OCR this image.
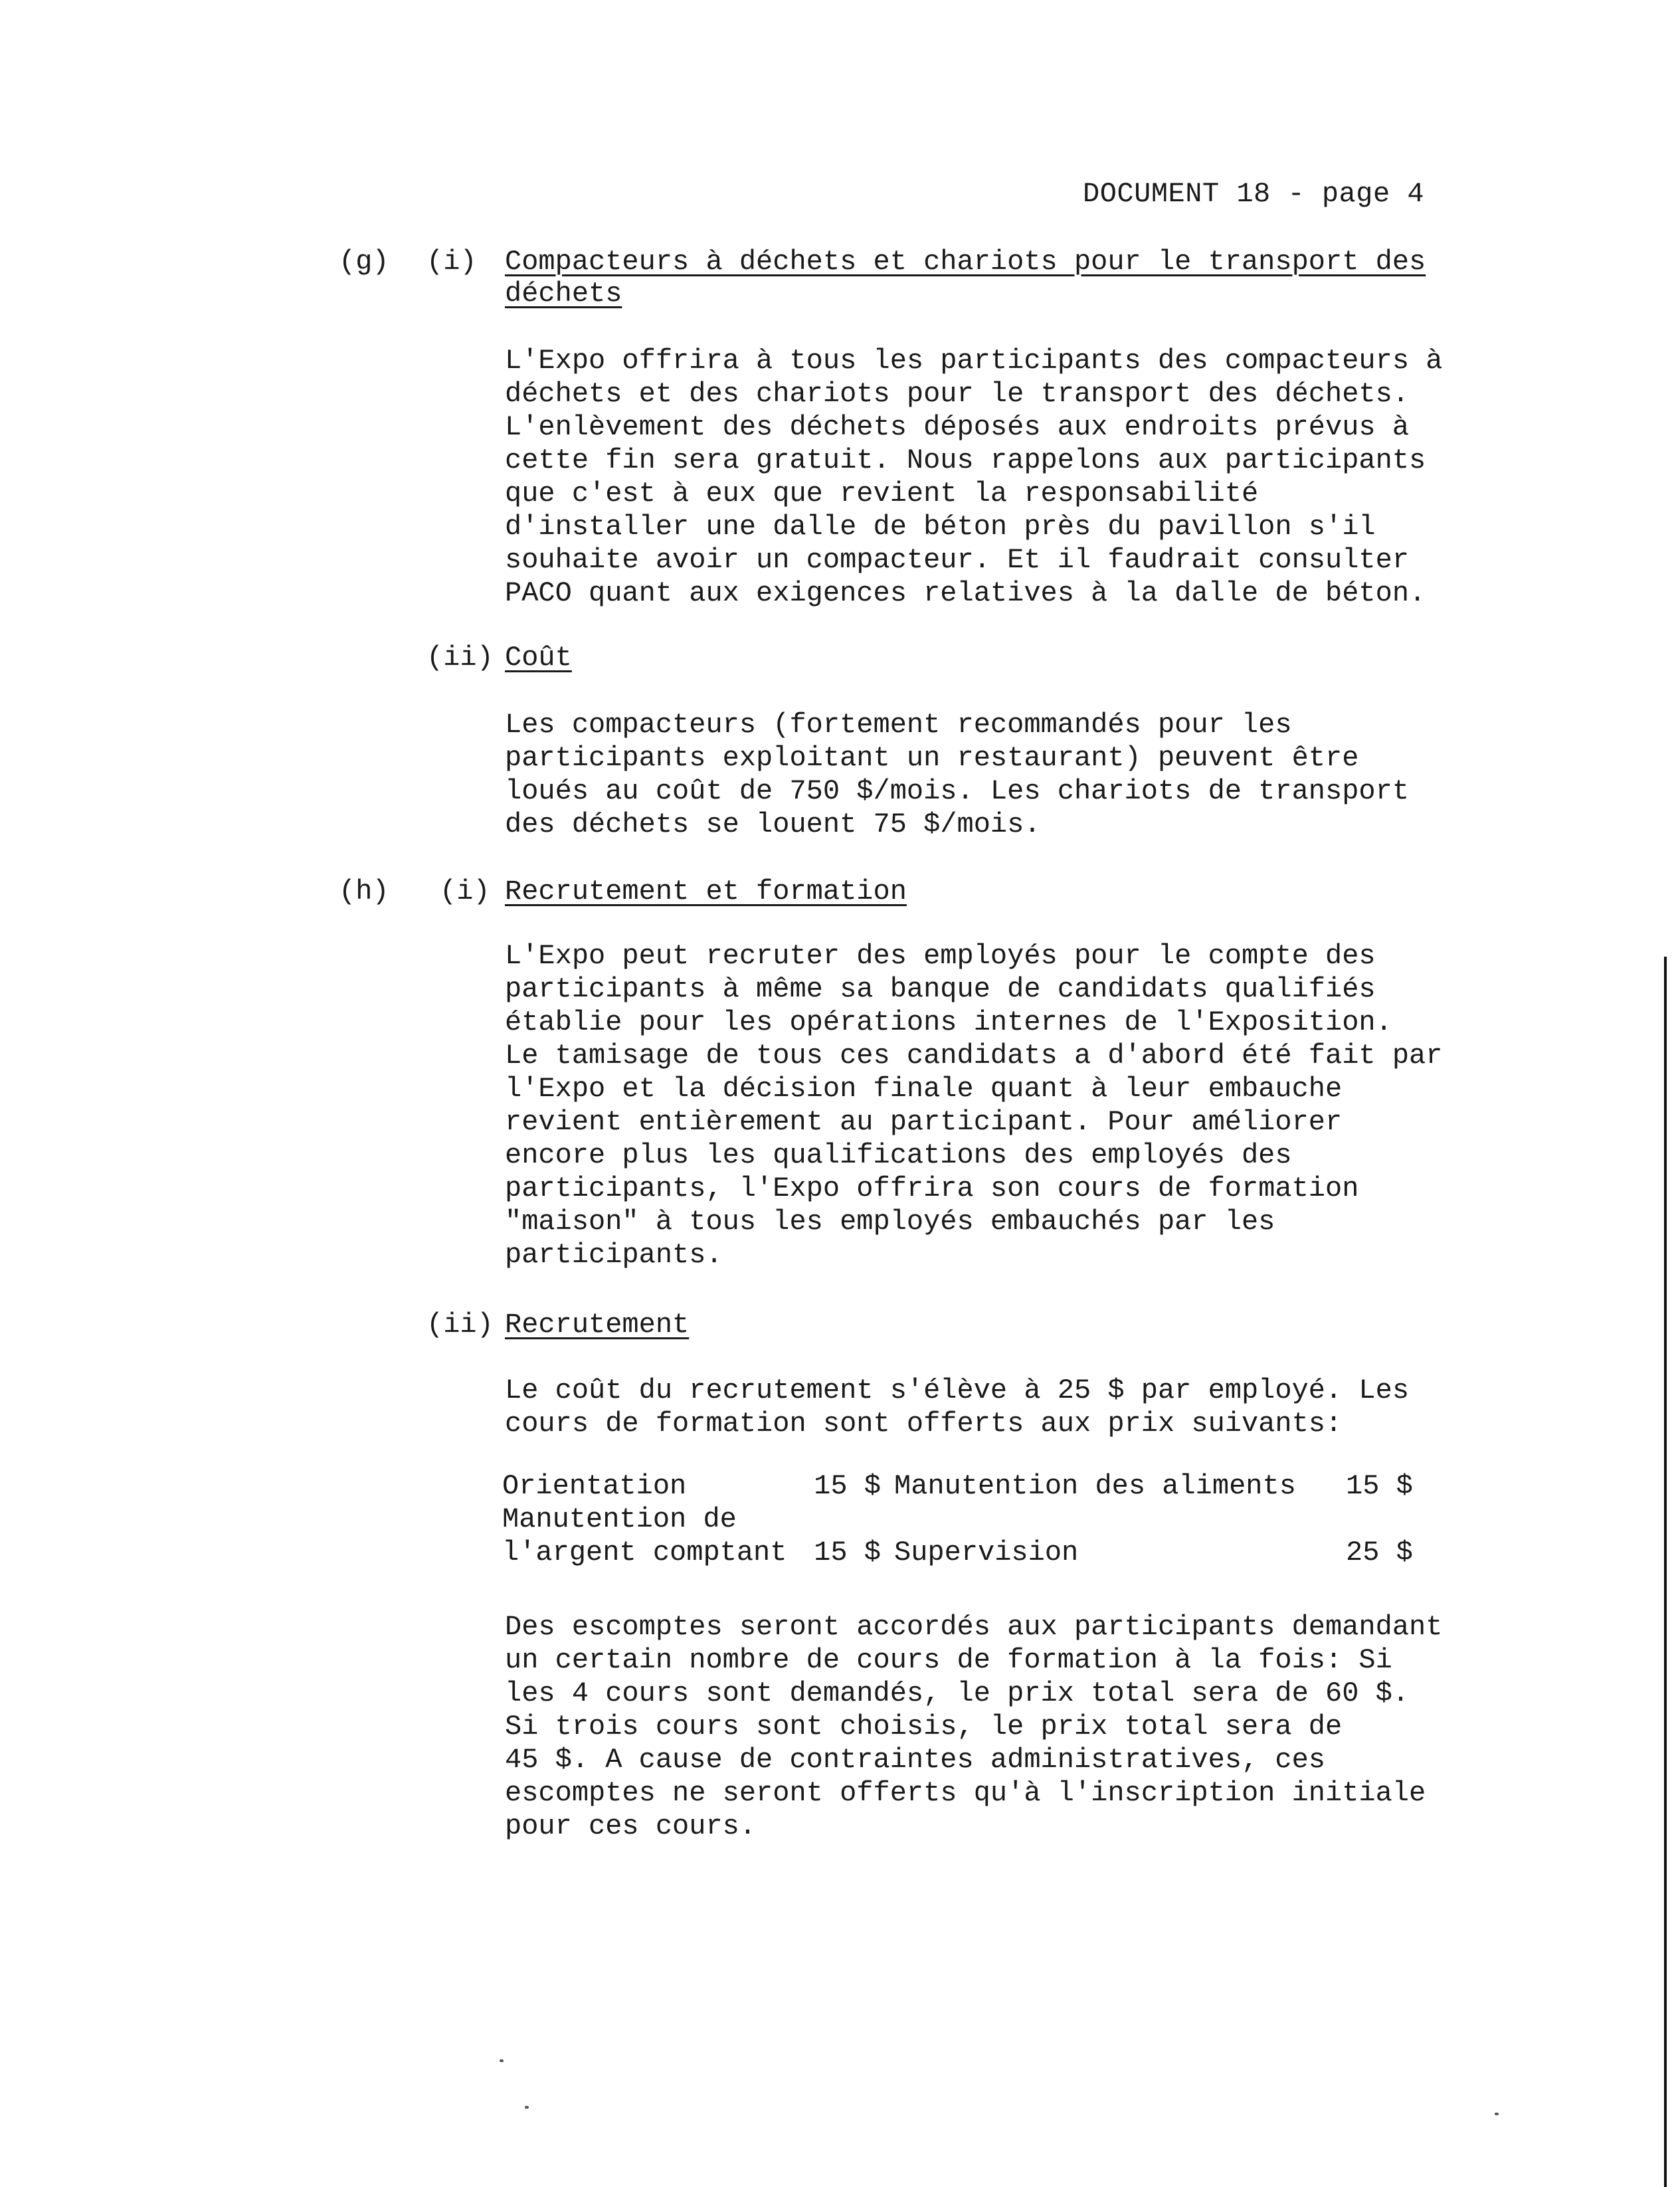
DOCUMENT 18 - page 4
(g) (i) Compacteurs à déchets et chariots pour le transport des déchets

L'Expo offrira à tous les participants des compacteurs à
déchets et des chariots pour le transport des déchets.
L'enlèvement des déchets déposés aux endroits prévus à
cette fin sera gratuit. Nous rappelons aux participants
que c'est à eux que revient la responsabilité
d'installer une dalle de béton près du pavillon s'il
souhaite avoir un compacteur. Et il faudrait consulter
PACO quant aux exigences relatives à la dalle de béton.

(ii) Coût

Les compacteurs (fortement recommandés pour les
participants exploitant un restaurant) peuvent être
loués au coût de 750 $/mois. Les chariots de transport
des déchets se louent 75 $/mois.

(h) (i) Recrutement et formation

L'Expo peut recruter des employés pour le compte des
participants à même sa banque de candidats qualifiés
établie pour les opérations internes de l'Exposition.
Le tamisage de tous ces candidats a d'abord été fait par
l'Expo et la décision finale quant à leur embauche
revient entièrement au participant. Pour améliorer
encore plus les qualifications des employés des
participants, l'Expo offrira son cours de formation
"maison" à tous les employés embauchés par les
participants.

(ii) Recrutement

Le coût du recrutement s'élève à 25 $ par employé. Les
cours de formation sont offerts aux prix suivants:

Orientation	15 $	Manutention des aliments	15 $
Manutention de
l'argent comptant	15 $	Supervision	25 $

Des escomptes seront accordés aux participants demandant
un certain nombre de cours de formation à la fois: Si
les 4 cours sont demandés, le prix total sera de 60 $.
Si trois cours sont choisis, le prix total sera de
45 $. A cause de contraintes administratives, ces
escomptes ne seront offerts qu'à l'inscription initiale
pour ces cours.
